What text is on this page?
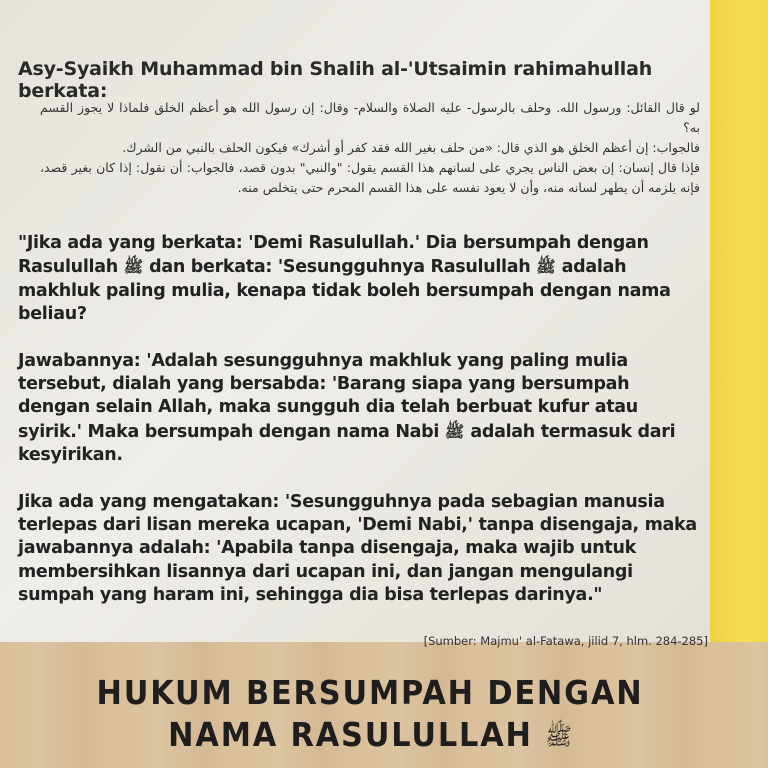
Asy-Syaikh Muhammad bin Shalih al-'Utsaimin rahimahullah berkata:

لو قال القائل: ورسول الله. وحلف بالرسول- عليه الصلاة والسلام- وقال: إن رسول الله هو أعظم الخلق فلماذا لا يجوز القسم به؟

فالجواب: إن أعظم الخلق هو الذي قال: «من حلف بغير الله فقد كفر أو أشرك» فيكون الحلف بالنبي من الشرك.

فإذا قال إنسان: إن بعض الناس يجري على لسانهم هذا القسم يقول: "والنبي" بدون قصد، فالجواب: أن نقول: إذا كان بغير قصد، فإنه يلزمه أن يطهر لسانه منه، وأن لا يعود نفسه على هذا القسم المحرم حتى يتخلص منه.

"Jika ada yang berkata: 'Demi Rasulullah.' Dia bersumpah dengan Rasulullah ﷺ dan berkata: 'Sesungguhnya Rasulullah ﷺ adalah makhluk paling mulia, kenapa tidak boleh bersumpah dengan nama beliau?

Jawabannya: 'Adalah sesungguhnya makhluk yang paling mulia tersebut, dialah yang bersabda: 'Barang siapa yang bersumpah dengan selain Allah, maka sungguh dia telah berbuat kufur atau syirik.' Maka bersumpah dengan nama Nabi ﷺ adalah termasuk dari kesyirikan.

Jika ada yang mengatakan: 'Sesungguhnya pada sebagian manusia terlepas dari lisan mereka ucapan, 'Demi Nabi,' tanpa disengaja, maka jawabannya adalah: 'Apabila tanpa disengaja, maka wajib untuk membersihkan lisannya dari ucapan ini, dan jangan mengulangi sumpah yang haram ini, sehingga dia bisa terlepas darinya."

[Sumber: Majmu' al-Fatawa, jilid 7, hlm. 284-285]
HUKUM BERSUMPAH DENGAN
NAMA RASULULLAH ﷺ
